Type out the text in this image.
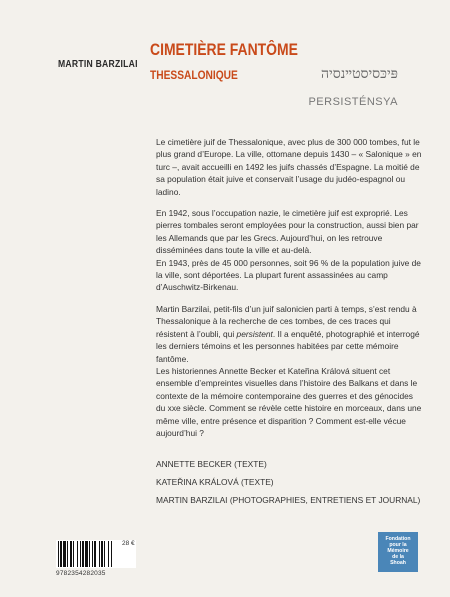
MARTIN BARZILAI
CIMETIÈRE FANTÔME
THESSALONIQUE	פּיכּסיסטײנסיה
PERSISTÉNSYA

Le cimetière juif de Thessalonique, avec plus de 300 000 tombes, fut le plus grand d’Europe. La ville, ottomane depuis 1430 – « Salonique » en turc –, avait accueilli en 1492 les juifs chassés d’Espagne. La moitié de sa population était juive et conservait l’usage du judéo-espagnol ou ladino.

En 1942, sous l’occupation nazie, le cimetière juif est exproprié. Les pierres tombales seront employées pour la construction, aussi bien par les Allemands que par les Grecs. Aujourd’hui, on les retrouve disséminées dans toute la ville et au-delà.
En 1943, près de 45 000 personnes, soit 96 % de la population juive de la ville, sont déportées. La plupart furent assassinées au camp d’Auschwitz-Birkenau.

Martin Barzilai, petit-fils d’un juif salonicien parti à temps, s’est rendu à Thessalonique à la recherche de ces tombes, de ces traces qui résistent à l’oubli, qui persistent. Il a enquêté, photographié et interrogé les derniers témoins et les personnes habitées par cette mémoire fantôme.
Les historiennes Annette Becker et Kateřina Králová situent cet ensemble d’empreintes visuelles dans l’histoire des Balkans et dans le contexte de la mémoire contemporaine des guerres et des génocides du xxe siècle. Comment se révèle cette histoire en morceaux, dans une même ville, entre présence et disparition ? Comment est-elle vécue aujourd’hui ?

ANNETTE BECKER (TEXTE)
KATEŘINA KRÁLOVÁ (TEXTE)
MARTIN BARZILAI (PHOTOGRAPHIES, ENTRETIENS ET JOURNAL)
9782354282035
28 €
Fondation
pour la
Mémoire
de la
Shoah
